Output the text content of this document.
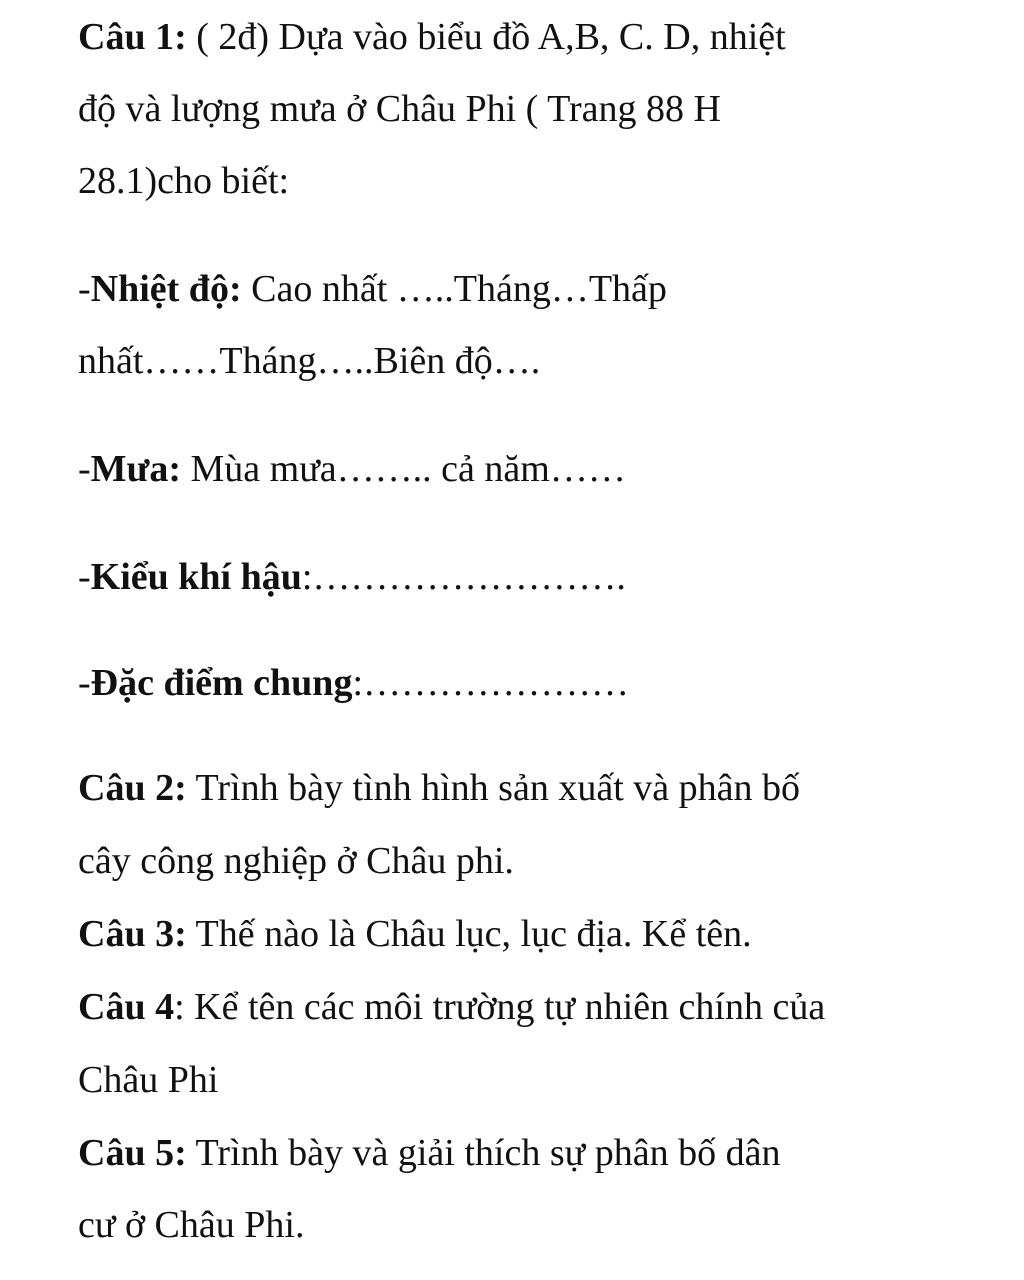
Câu 1: ( 2đ) Dựa vào biểu đồ A,B, C. D, nhiệt
độ và lượng mưa ở Châu Phi ( Trang 88 H
28.1)cho biết:
-Nhiệt độ: Cao nhất …..Tháng…Thấp
nhất……Tháng…..Biên độ….
-Mưa: Mùa mưa…….. cả năm……
-Kiểu khí hậu:…………………….
-Đặc điểm chung:…………………
Câu 2: Trình bày tình hình sản xuất và phân bố
cây công nghiệp ở Châu phi.
Câu 3: Thế nào là Châu lục, lục địa. Kể tên.
Câu 4: Kể tên các môi trường tự nhiên chính của
Châu Phi
Câu 5: Trình bày và giải thích sự phân bố dân
cư ở Châu Phi.
